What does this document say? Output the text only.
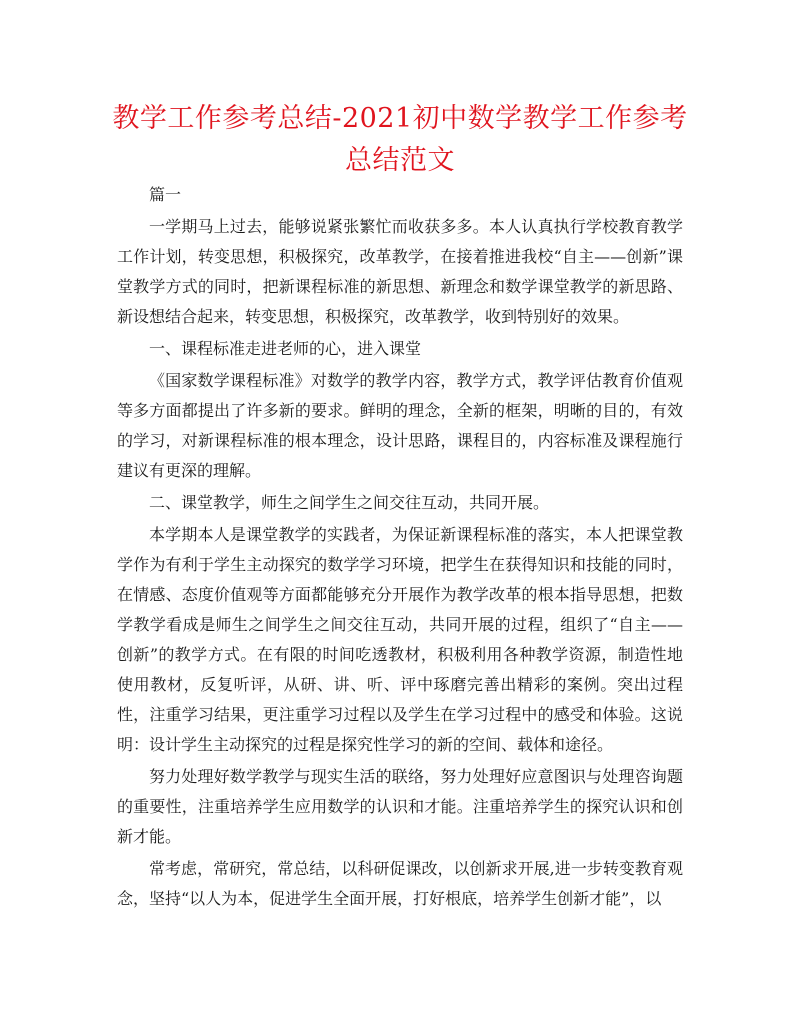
教学工作参考总结-2021初中数学教学工作参考总结范文

篇一

一学期马上过去，能够说紧张繁忙而收获多多。本人认真执行学校教育教学工作计划，转变思想，积极探究，改革教学，在接着推进我校“自主——创新”课堂教学方式的同时，把新课程标准的新思想、新理念和数学课堂教学的新思路、新设想结合起来，转变思想，积极探究，改革教学，收到特别好的效果。

一、课程标准走进老师的心，进入课堂

《国家数学课程标准》对数学的教学内容，教学方式，教学评估教育价值观等多方面都提出了许多新的要求。鲜明的理念，全新的框架，明晰的目的，有效的学习，对新课程标准的根本理念，设计思路，课程目的，内容标准及课程施行建议有更深的理解。

二、课堂教学，师生之间学生之间交往互动，共同开展。

本学期本人是课堂教学的实践者，为保证新课程标准的落实，本人把课堂教学作为有利于学生主动探究的数学学习环境，把学生在获得知识和技能的同时，在情感、态度价值观等方面都能够充分开展作为教学改革的根本指导思想，把数学教学看成是师生之间学生之间交往互动，共同开展的过程，组织了“自主——创新”的教学方式。在有限的时间吃透教材，积极利用各种教学资源，制造性地使用教材，反复听评，从研、讲、听、评中琢磨完善出精彩的案例。突出过程性，注重学习结果，更注重学习过程以及学生在学习过程中的感受和体验。这说明：设计学生主动探究的过程是探究性学习的新的空间、载体和途径。

努力处理好数学教学与现实生活的联络，努力处理好应意图识与处理咨询题的重要性，注重培养学生应用数学的认识和才能。注重培养学生的探究认识和创新才能。

常考虑，常研究，常总结，以科研促课改，以创新求开展,进一步转变教育观念，坚持“以人为本，促进学生全面开展，打好根底，培养学生创新才能”，以
